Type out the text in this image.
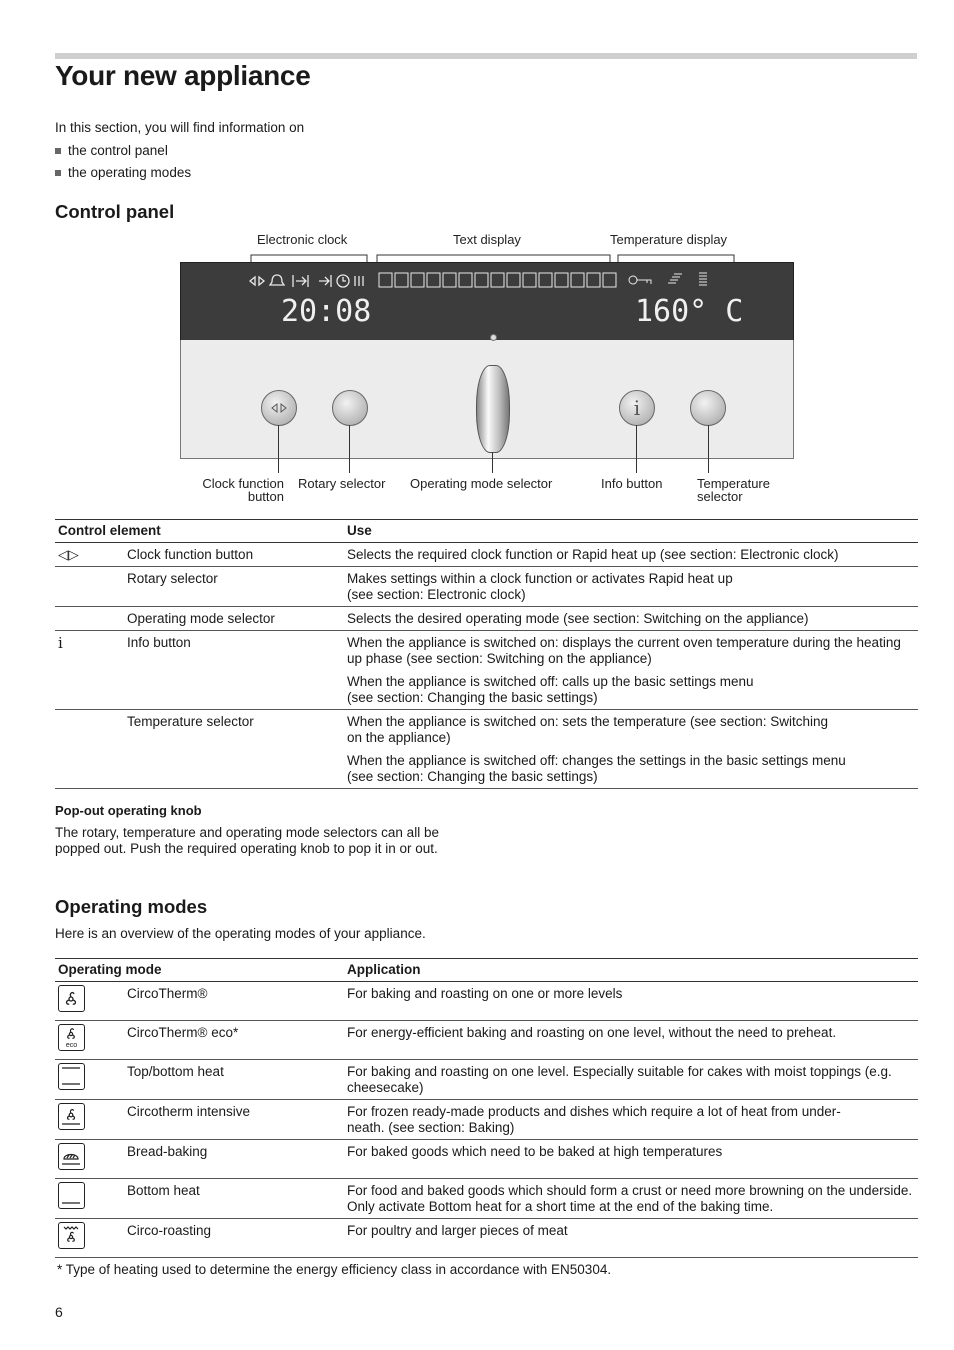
Your new appliance
In this section, you will find information on
the control panel
the operating modes
Control panel
Electronic clock	Text display	Temperature display
20:08	160° C
i
Clock function
button
Rotary selector Operating mode selector	Info button	Temperature
selector
Control element		Use
◁▷	Clock function button	Selects the required clock function or Rapid heat up (see section: Electronic clock)

	Rotary selector	Makes settings within a clock function or activates Rapid heat up
(see section: Electronic clock)

	Operating mode selector	Selects the desired operating mode (see section: Switching on the appliance)

i	Info button	When the appliance is switched on: displays the current oven temperature during the heating up phase (see section: Switching on the appliance)

When the appliance is switched off: calls up the basic settings menu
(see section: Changing the basic settings)

	Temperature selector	When the appliance is switched on: sets the temperature (see section: Switching
on the appliance)

When the appliance is switched off: changes the settings in the basic settings menu
(see section: Changing the basic settings)

Pop-out operating knob

The rotary, temperature and operating mode selectors can all be popped out. Push the required operating knob to pop it in or out.

Operating modes

Here is an overview of the operating modes of your appliance.

Operating mode		Application
	CircoTherm®	For baking and roasting on one or more levels

eco	CircoTherm® eco*	For energy-efficient baking and roasting on one level, without the need to preheat.
	Top/bottom heat	For baking and roasting on one level. Especially suitable for cakes with moist toppings (e.g. cheesecake)
	Circotherm intensive	For frozen ready-made products and dishes which require a lot of heat from under-
neath. (see section: Baking)
	Bread-baking	For baked goods which need to be baked at high temperatures
	Bottom heat	For food and baked goods which should form a crust or need more browning on the underside. Only activate Bottom heat for a short time at the end of the baking time.
	Circo-roasting	For poultry and larger pieces of meat

* Type of heating used to determine the energy efficiency class in accordance with EN50304.

6
